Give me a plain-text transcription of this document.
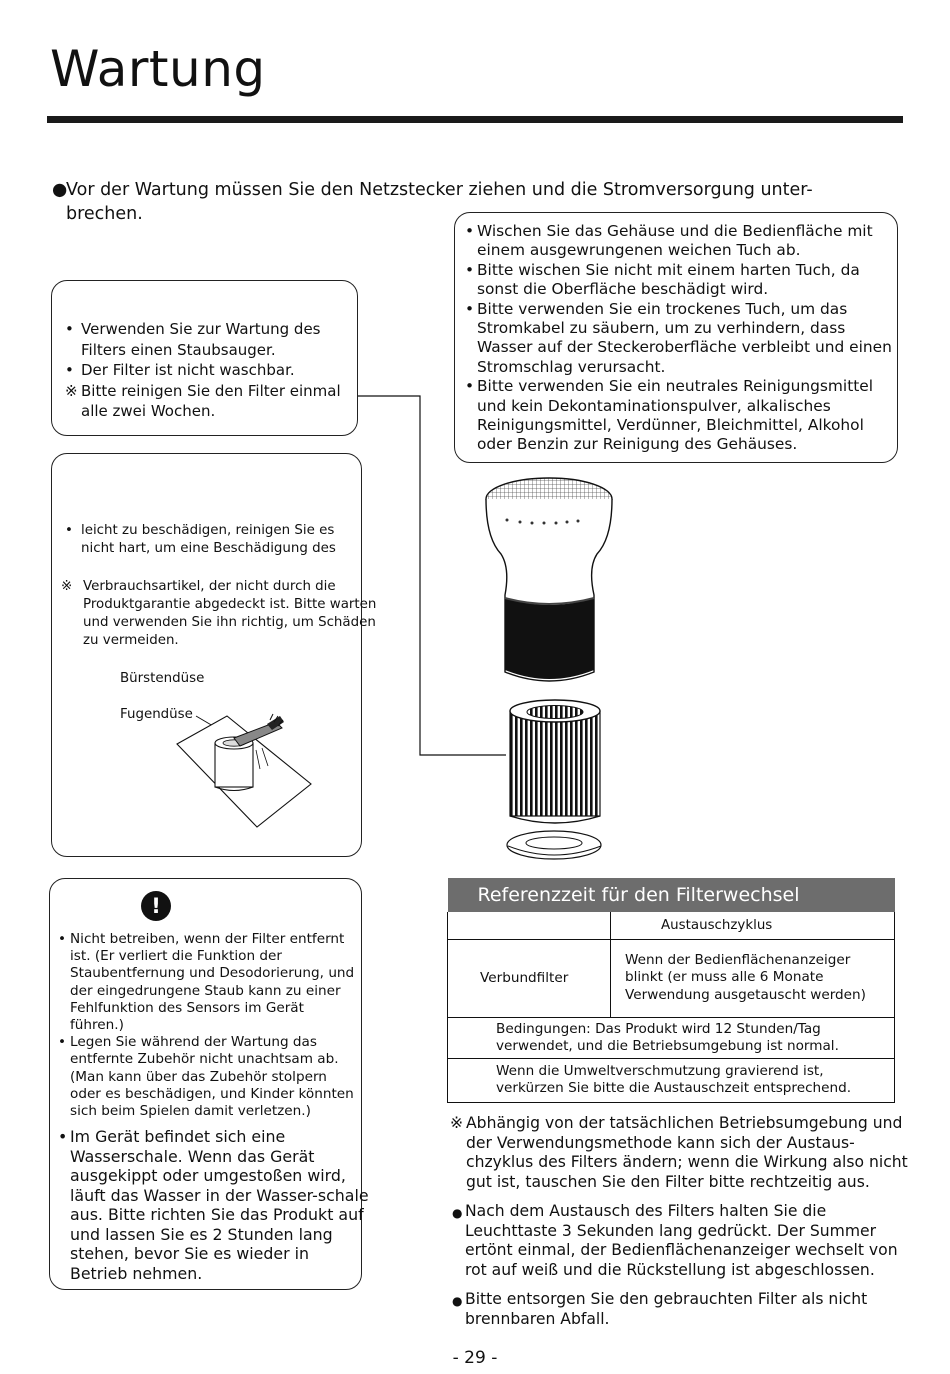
Wartung
●
Vor der Wartung müssen Sie den Netzstecker ziehen und die Stromversorgung unter-brechen.
• Verwenden Sie zur Wartung des Filters einen Staubsauger.
• Der Filter ist nicht waschbar.
※ Bitte reinigen Sie den Filter einmal alle zwei Wochen.
• leicht zu beschädigen, reinigen Sie es nicht hart, um eine Beschädigung des
※ Verbrauchsartikel, der nicht durch die Produktgarantie abgedeckt ist. Bitte warten und verwenden Sie ihn richtig, um Schäden zu vermeiden.
Bürstendüse
Fugendüse
!
• Nicht betreiben, wenn der Filter entfernt ist. (Er verliert die Funktion der Staubentfernung und Desodorierung, und der eingedrungene Staub kann zu einer Fehlfunktion des Sensors im Gerät führen.)
• Legen Sie während der Wartung das entfernte Zubehör nicht unachtsam ab. (Man kann über das Zubehör stolpern oder es beschädigen, und Kinder könnten sich beim Spielen damit verletzen.)
• Im Gerät befindet sich eine Wasserschale. Wenn das Gerät ausgekippt oder umgestoßen wird, läuft das Wasser in der Wasser-schale aus. Bitte richten Sie das Produkt auf und lassen Sie es 2 Stunden lang stehen, bevor Sie es wieder in Betrieb nehmen.
• Wischen Sie das Gehäuse und die Bedienfläche mit einem ausgewrungenen weichen Tuch ab.
• Bitte wischen Sie nicht mit einem harten Tuch, da sonst die Oberfläche beschädigt wird.
• Bitte verwenden Sie ein trockenes Tuch, um das Stromkabel zu säubern, um zu verhindern, dass Wasser auf der Steckeroberfläche verbleibt und einen Stromschlag verursacht.
• Bitte verwenden Sie ein neutrales Reinigungsmittel und kein Dekontaminationspulver, alkalisches Reinigungsmittel, Verdünner, Bleichmittel, Alkohol oder Benzin zur Reinigung des Gehäuses.
Referenzzeit für den Filterwechsel	
	Austauschzyklus
Verbundfilter	Wenn der Bedienflächenanzeiger blinkt (er muss alle 6 Monate Verwendung ausgetauscht werden)
Bedingungen: Das Produkt wird 12 Stunden/Tag verwendet, und die Betriebsumgebung ist normal.	
Wenn die Umweltverschmutzung gravierend ist, verkürzen Sie bitte die Austauschzeit entsprechend.	
※ Abhängig von der tatsächlichen Betriebsumgebung und der Verwendungsmethode kann sich der Austaus-chzyklus des Filters ändern; wenn die Wirkung also nicht gut ist, tauschen Sie den Filter bitte rechtzeitig aus.
● Nach dem Austausch des Filters halten Sie die Leuchttaste 3 Sekunden lang gedrückt. Der Summer ertönt einmal, der Bedienflächenanzeiger wechselt von rot auf weiß und die Rückstellung ist abgeschlossen.
● Bitte entsorgen Sie den gebrauchten Filter als nicht brennbaren Abfall.
- 29 -
